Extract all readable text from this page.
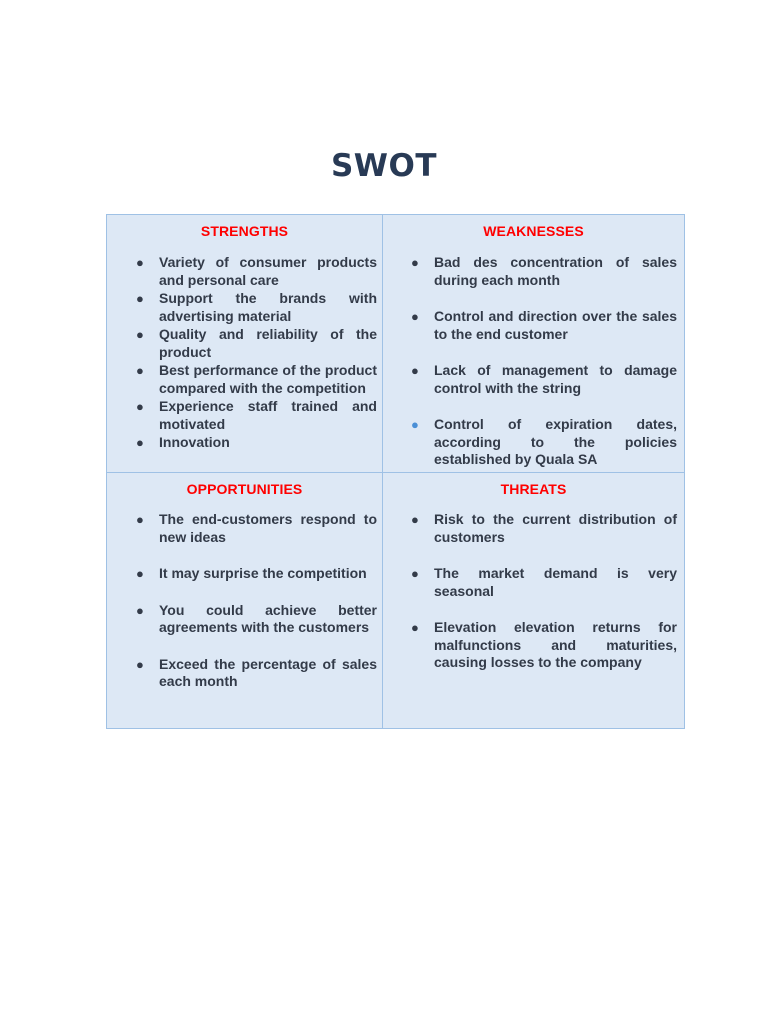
SWOT
STRENGTHS
● Variety of consumer products and personal care
● Support the brands with advertising material
● Quality and reliability of the product
● Best performance of the product compared with the competition
● Experience staff trained and motivated
● Innovation
WEAKNESSES
● Bad des concentration of sales during each month
● Control and direction over the sales to the end customer
● Lack of management to damage control with the string
● Control of expiration dates, according to the policies established by Quala SA
OPPORTUNITIES
● The end-customers respond to new ideas
● It may surprise the competition
● You could achieve better agreements with the customers
● Exceed the percentage of sales each month
THREATS
● Risk to the current distribution of customers
● The market demand is very seasonal
● Elevation elevation returns for malfunctions and maturities, causing losses to the company
